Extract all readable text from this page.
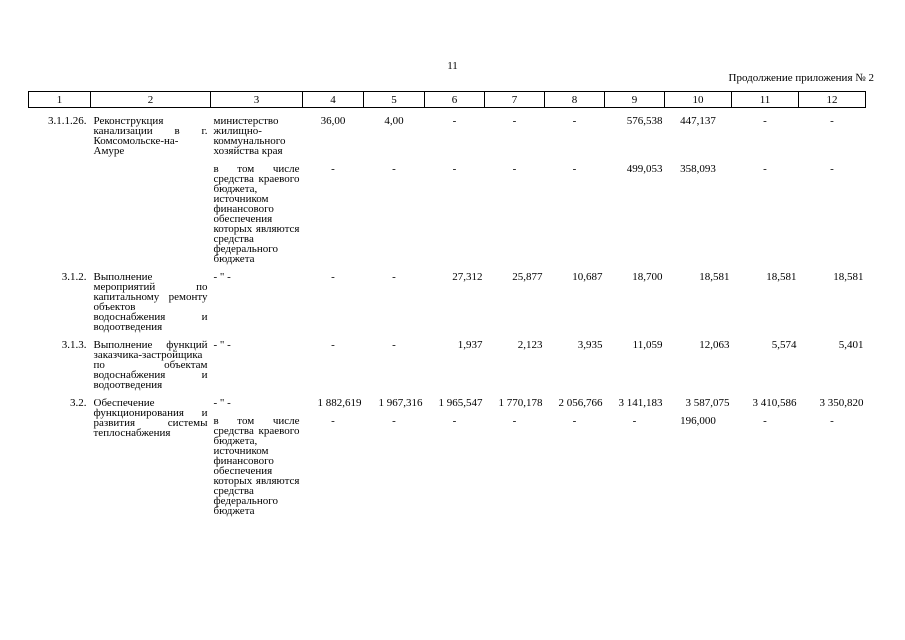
11
Продолжение приложения № 2
1	2	3	4	5	6	7	8	9	10	11	12

3.1.1.26.	Реконструкция канализации в г. Комсомольске-на-Амуре	министерство жилищно-коммунального хозяйства края	36,00	4,00	-	-	-	576,538	447,137	-	-

		в том числе средства краевого бюджета, источником финансового обеспечения которых являются средства федерального бюджета	-	-	-	-	-	499,053	358,093	-	-

3.1.2.	Выполнение мероприятий по капитальному ремонту объектов водоснабжения и водоотведения	- " -	-	-	27,312	25,877	10,687	18,700	18,581	18,581	18,581

3.1.3.	Выполнение функций заказчика-застройщика по объектам водоснабжения и водоотведения	- " -	-	-	1,937	2,123	3,935	11,059	12,063	5,574	5,401

3.2.	Обеспечение функционирования и развития системы теплоснабжения	- " -	1 882,619	1 967,316	1 965,547	1 770,178	2 056,766	3 141,183	3 587,075	3 410,586	3 350,820
		в том числе средства краевого бюджета, источником финансового обеспечения которых являются средства федерального бюджета	-	-	-	-	-	-	196,000	-	-
